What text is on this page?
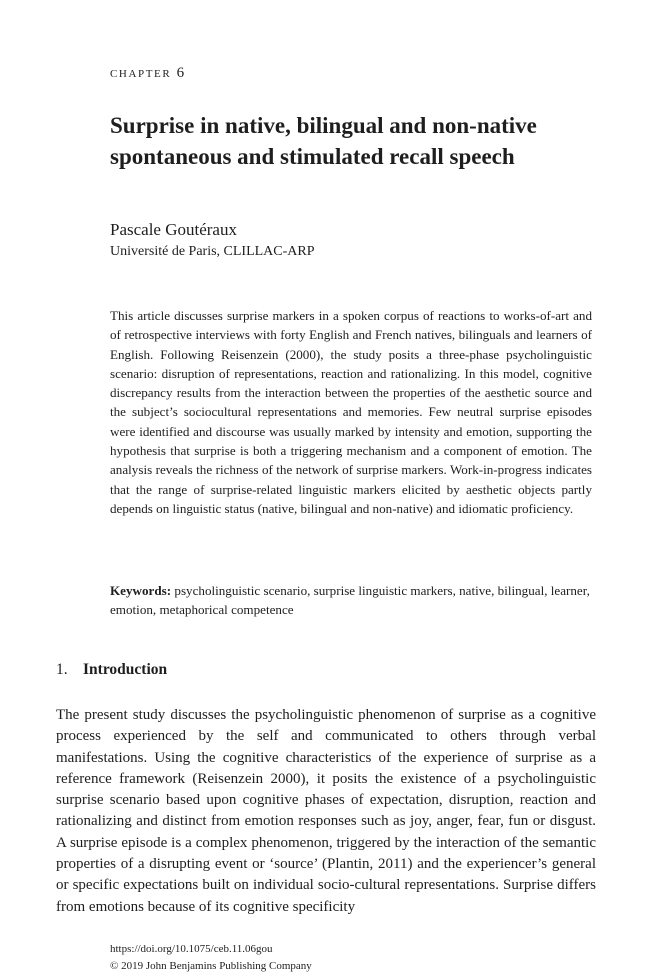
chapter 6
Surprise in native, bilingual and non-native spontaneous and stimulated recall speech
Pascale Goutéraux
Université de Paris, CLILLAC-ARP

This article discusses surprise markers in a spoken corpus of reactions to works-of-art and of retrospective interviews with forty English and French natives, bilinguals and learners of English. Following Reisenzein (2000), the study posits a three-phase psycholinguistic scenario: disruption of representations, reaction and rationalizing. In this model, cognitive discrepancy results from the interaction between the properties of the aesthetic source and the subject’s sociocultural representations and memories. Few neutral surprise episodes were identified and discourse was usually marked by intensity and emotion, supporting the hypothesis that surprise is both a triggering mechanism and a component of emotion. The analysis reveals the richness of the network of surprise markers. Work-in-progress indicates that the range of surprise-related linguistic markers elicited by aesthetic objects partly depends on linguistic status (native, bilingual and non-native) and idiomatic proficiency.

Keywords: psycholinguistic scenario, surprise linguistic markers, native, bilingual, learner, emotion, metaphorical competence

1. Introduction

The present study discusses the psycholinguistic phenomenon of surprise as a cognitive process experienced by the self and communicated to others through verbal manifestations. Using the cognitive characteristics of the experience of surprise as a reference framework (Reisenzein 2000), it posits the existence of a psycholinguistic surprise scenario based upon cognitive phases of expectation, disruption, reaction and rationalizing and distinct from emotion responses such as joy, anger, fear, fun or disgust. A surprise episode is a complex phenomenon, triggered by the interaction of the semantic properties of a disrupting event or ‘source’ (Plantin, 2011) and the experiencer’s general or specific expectations built on individual socio-cultural representations. Surprise differs from emotions because of its cognitive specificity

https://doi.org/10.1075/ceb.11.06gou
© 2019 John Benjamins Publishing Company
